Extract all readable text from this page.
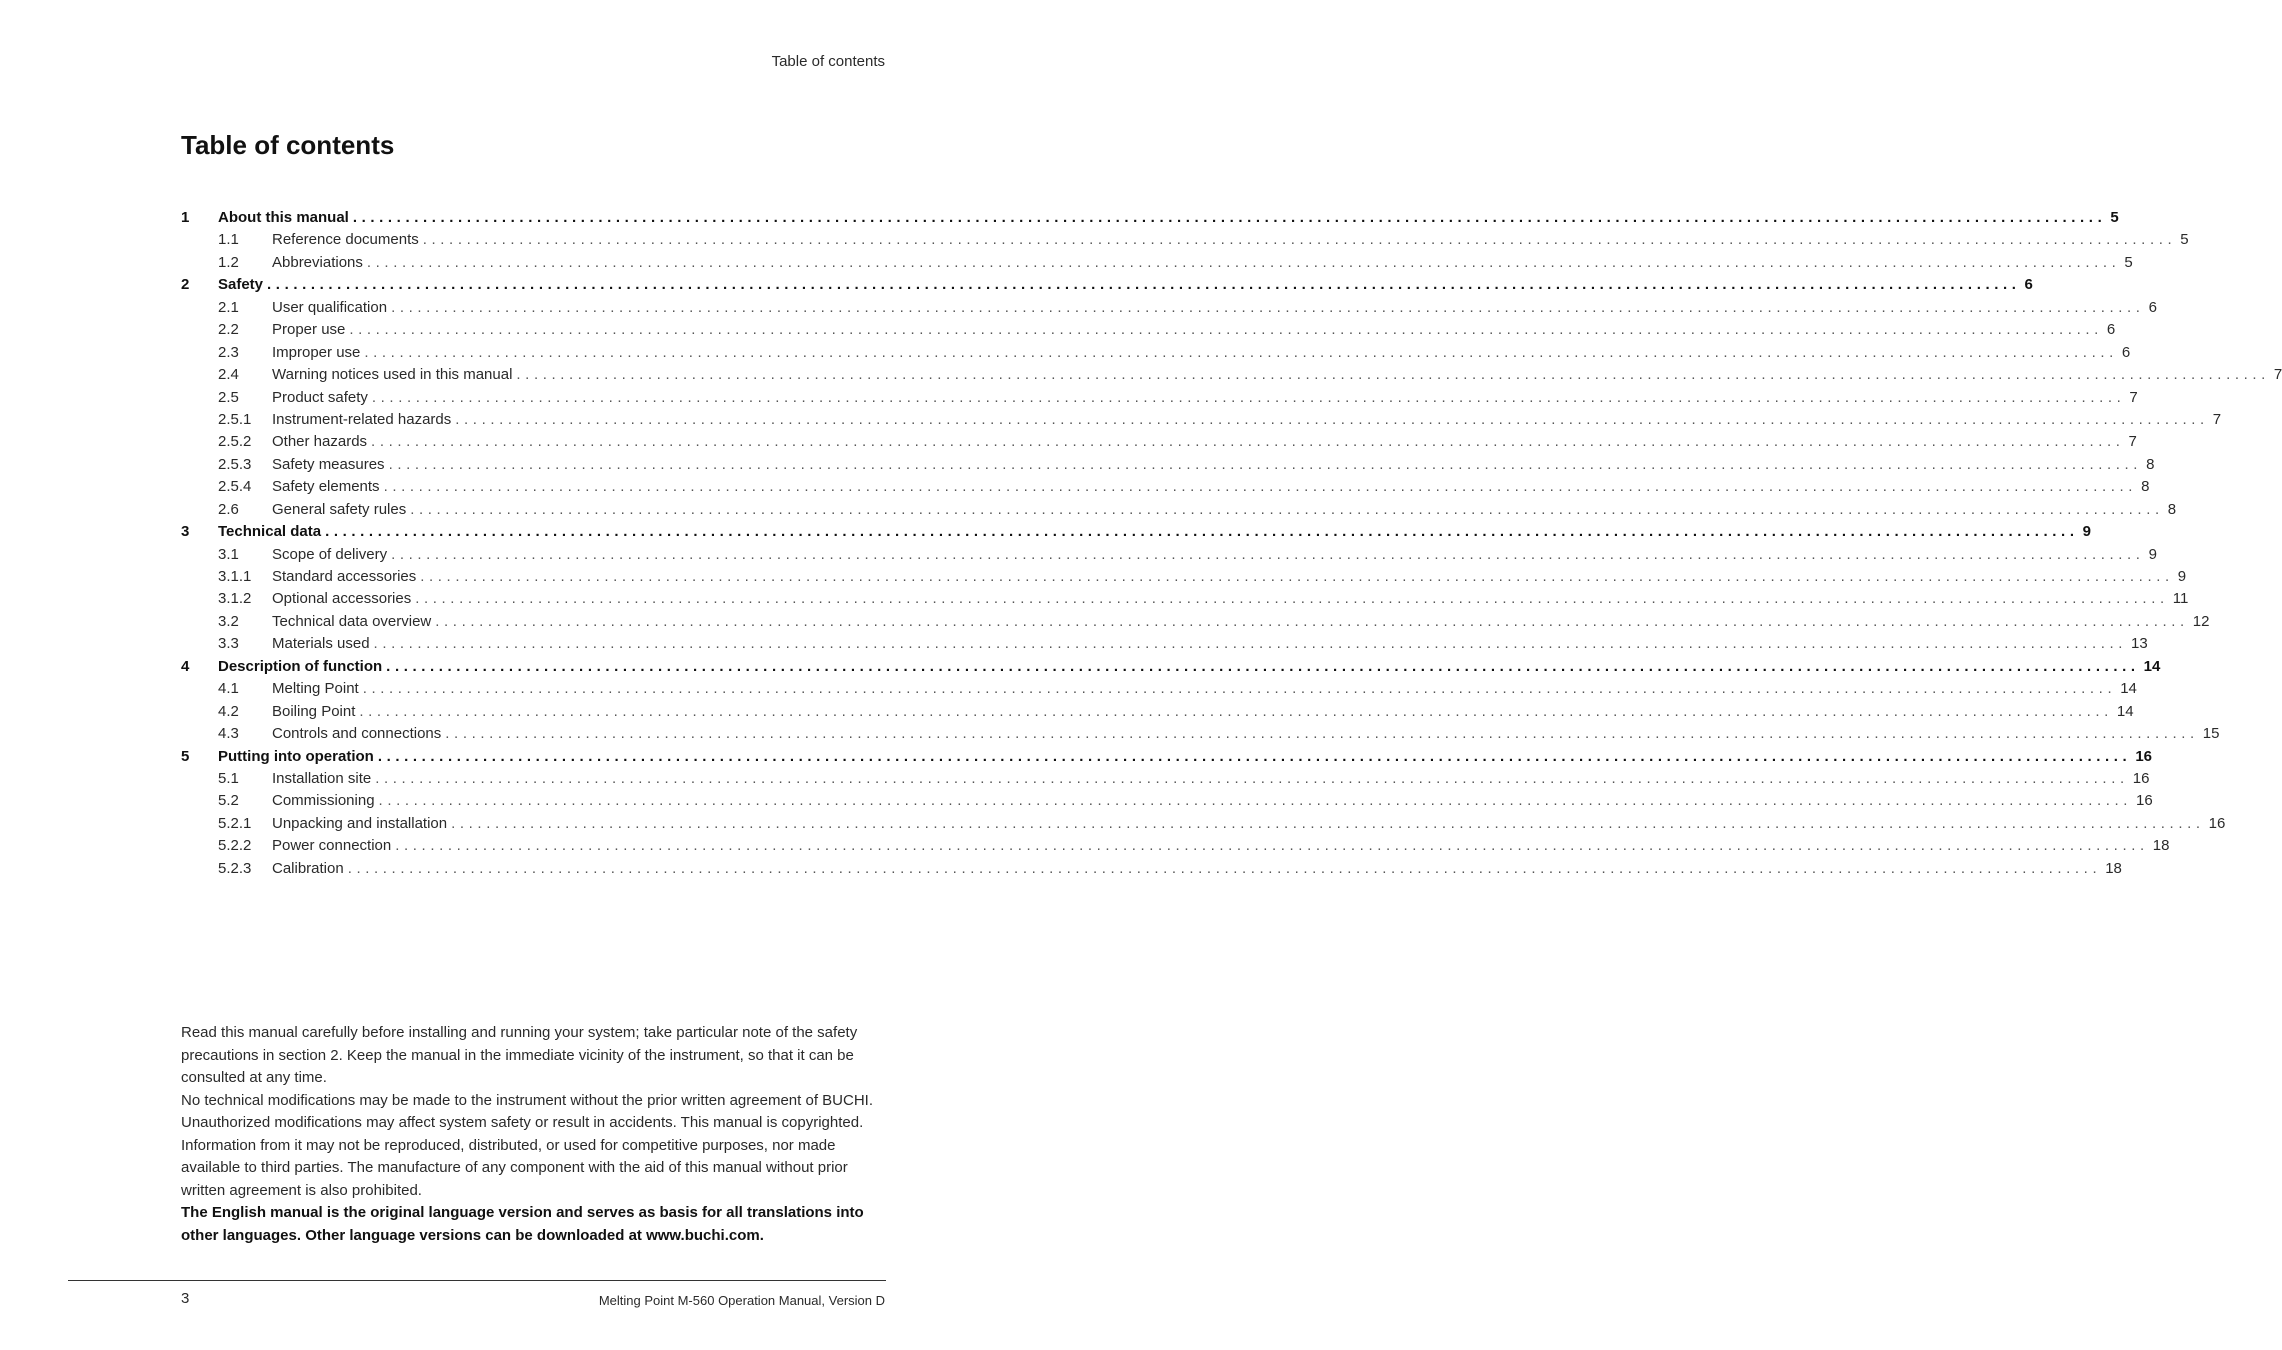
Table of contents
Table of contents
1	About this manual ........................................................................................................................................................................................................ 5
1.1	Reference documents ........................................................................................................................................................................................................ 5
1.2	Abbreviations ........................................................................................................................................................................................................ 5
2	Safety ........................................................................................................................................................................................................ 6
2.1	User qualification ........................................................................................................................................................................................................ 6
2.2	Proper use ........................................................................................................................................................................................................ 6
2.3	Improper use ........................................................................................................................................................................................................ 6
2.4	Warning notices used in this manual ........................................................................................................................................................................................................ 7
2.5	Product safety ........................................................................................................................................................................................................ 7
2.5.1	Instrument-related hazards ........................................................................................................................................................................................................ 7
2.5.2	Other hazards ........................................................................................................................................................................................................ 7
2.5.3	Safety measures ........................................................................................................................................................................................................ 8
2.5.4	Safety elements ........................................................................................................................................................................................................ 8
2.6	General safety rules ........................................................................................................................................................................................................ 8
3	Technical data ........................................................................................................................................................................................................ 9
3.1	Scope of delivery ........................................................................................................................................................................................................ 9
3.1.1	Standard accessories ........................................................................................................................................................................................................ 9
3.1.2	Optional accessories ........................................................................................................................................................................................................ 11
3.2	Technical data overview ........................................................................................................................................................................................................ 12
3.3	Materials used ........................................................................................................................................................................................................ 13
4	Description of function ........................................................................................................................................................................................................ 14
4.1	Melting Point ........................................................................................................................................................................................................ 14
4.2	Boiling Point ........................................................................................................................................................................................................ 14
4.3	Controls and connections ........................................................................................................................................................................................................ 15
5	Putting into operation ........................................................................................................................................................................................................ 16
5.1	Installation site ........................................................................................................................................................................................................ 16
5.2	Commissioning ........................................................................................................................................................................................................ 16
5.2.1	Unpacking and installation ........................................................................................................................................................................................................ 16
5.2.2	Power connection ........................................................................................................................................................................................................ 18
5.2.3	Calibration ........................................................................................................................................................................................................ 18

Read this manual carefully before installing and running your system; take particular note of the safety precautions in section 2. Keep the manual in the immediate vicinity of the instrument, so that it can be consulted at any time.

No technical modifications may be made to the instrument without the prior written agreement of BUCHI. Unauthorized modifications may affect system safety or result in accidents. This manual is copyrighted. Information from it may not be reproduced, distributed, or used for competitive purposes, nor made available to third parties. The manufacture of any component with the aid of this manual without prior written agreement is also prohibited.

The English manual is the original language version and serves as basis for all translations into other languages. Other language versions can be downloaded at www.buchi.com.

3	Melting Point M-560 Operation Manual, Version D
